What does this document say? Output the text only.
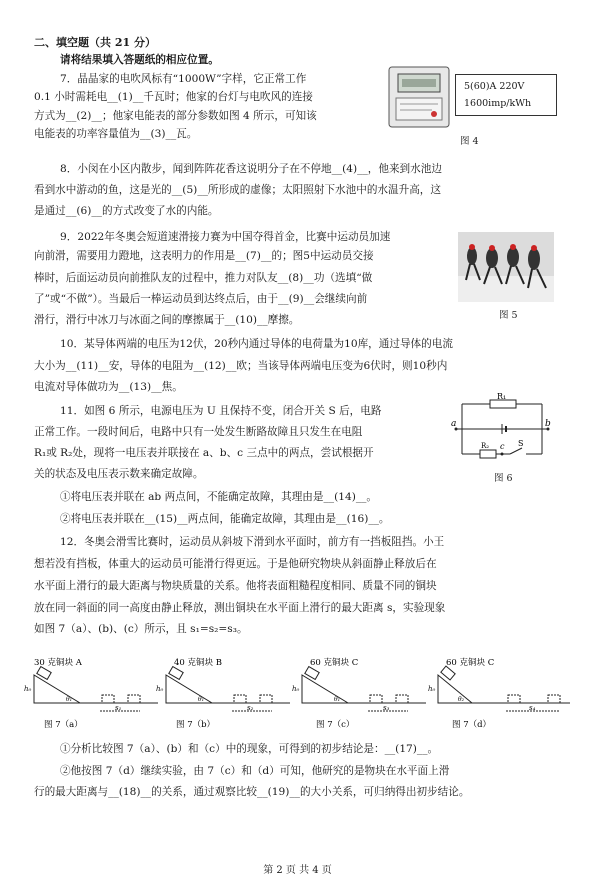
二、填空题（共 21 分）
请将结果填入答题纸的相应位置。
7．晶晶家的电吹风标有“1000W”字样，它正常工作
0.1 小时需耗电__(1)__千瓦时；他家的台灯与电吹风的连接
方式为__(2)__；他家电能表的部分参数如图 4 所示，可知该
电能表的功率容量值为__(3)__瓦。
5(60)A 220V
1600imp/kWh
图 4
8．小闵在小区内散步，闻到阵阵花香这说明分子在不停地__(4)__，他来到水池边
看到水中游动的鱼，这是光的__(5)__所形成的虚像；太阳照射下水池中的水温升高，这
是通过__(6)__的方式改变了水的内能。
9．2022年冬奥会短道速滑接力赛为中国夺得首金，比赛中运动员加速
向前滑，需要用力蹬地，这表明力的作用是__(7)__的；图5中运动员交接
棒时，后面运动员向前推队友的过程中，推力对队友__(8)__功（选填“做
了”或“不做”）。当最后一棒运动员到达终点后，由于__(9)__会继续向前
滑行，滑行中冰刀与冰面之间的摩擦属于__(10)__摩擦。	图 5
10．某导体两端的电压为12伏，20秒内通过导体的电荷量为10库，通过导体的电流
大小为__(11)__安，导体的电阻为__(12)__欧；当该导体两端电压变为6伏时，则10秒内
电流对导体做功为__(13)__焦。
11．如图 6 所示，电源电压为 U 且保持不变，闭合开关 S 后，电路
正常工作。一段时间后，电路中只有一处发生断路故障且只发生在电阻
R₁或 R₂处，现将一电压表并联接在 a、b、c 三点中的两点，尝试根据开
关的状态及电压表示数来确定故障。
①将电压表并联在 ab 两点间，不能确定故障，其理由是__(14)__。
②将电压表并联在__(15)__两点间，能确定故障，其理由是__(16)__。
R₁
a	b
R₂ c S
图 6
12．冬奥会滑雪比赛时，运动员从斜坡下滑到水平面时，前方有一挡板阻挡。小王
想若没有挡板，体重大的运动员可能滑行得更远。于是他研究物块从斜面静止释放后在
水平面上滑行的最大距离与物块质量的关系。他将表面粗糙程度相同、质量不同的铜块
放在同一斜面的同一高度由静止释放，测出铜块在水平面上滑行的最大距离 s，实验现象
如图 7（a）、(b)、(c）所示，且 s₁=s₂=s₃。
30 克铜块 A
h₀
θ₁
s₁
图 7（a）
40 克铜块 B
h₀
θ₁
s₂
图 7（b）
60 克铜块 C
h₀
θ₁
s₃
图 7（c）
60 克铜块 C
h₀
θ₂
s₄
图 7（d）
①分析比较图 7（a）、(b）和（c）中的现象，可得到的初步结论是：__(17)__。
②他按图 7（d）继续实验，由 7（c）和（d）可知，他研究的是物块在水平面上滑
行的最大距离与__(18)__的关系，通过观察比较__(19)__的大小关系，可归纳得出初步结论。
第 2 页 共 4 页
